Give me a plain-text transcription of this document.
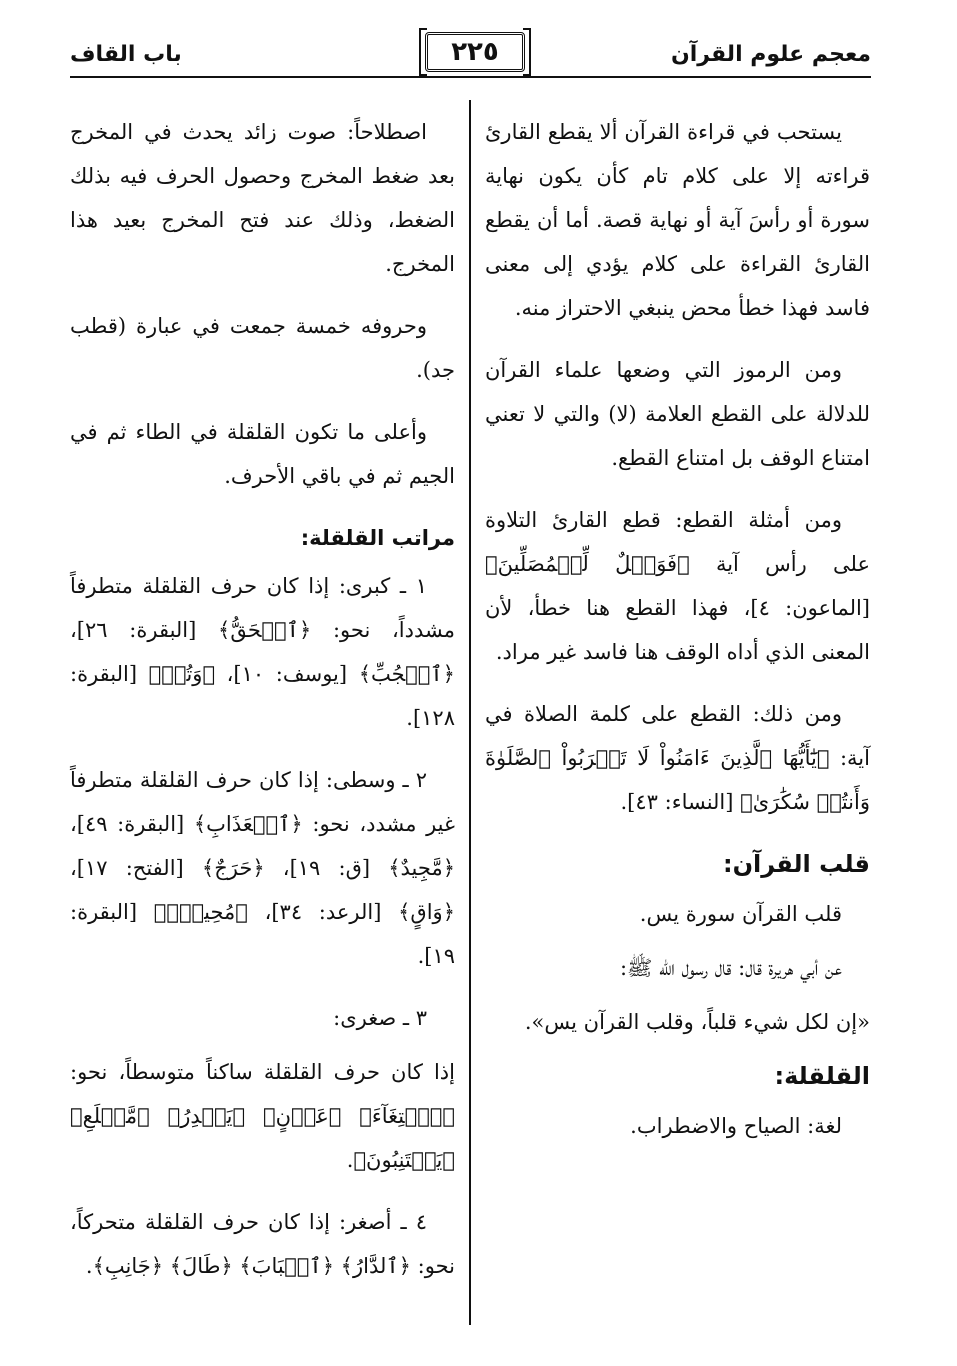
معجم علوم القرآن
٢٢٥
باب القاف

يستحب في قراءة القرآن ألا يقطع القارئ قراءته إلا على كلام تام كأن يكون نهاية سورة أو رأسَ آية أو نهاية قصة. أما أن يقطع القارئ القراءة على كلام يؤدي إلى معنى فاسد فهذا خطأ محض ينبغي الاحتراز منه.

ومن الرموز التي وضعها علماء القرآن للدلالة على القطع العلامة (لا) والتي لا تعني امتناع الوقف بل امتناع القطع.

ومن أمثلة القطع: قطع القارئ التلاوة على رأس آية ﴿فَوَيۡلٌ لِّلۡمُصَلِّينَ﴾ [الماعون: ٤]، فهذا القطع هنا خطأ، لأن المعنى الذي أداه الوقف هنا فاسد غير مراد.

ومن ذلك: القطع على كلمة الصلاة في آية: ﴿يَٰٓأَيُّهَا ٱلَّذِينَ ءَامَنُواْ لَا تَقۡرَبُواْ ٱلصَّلَوٰةَ وَأَنتُمۡ سُكَٰرَىٰ﴾ [النساء: ٤٣].

قلب القرآن:

قلب القرآن سورة يس.

عن أبي هريرة قال: قال رسول الله ﷺ:

«إن لكل شيء قلباً، وقلب القرآن يس».

القلقلة:

لغة: الصياح والاضطراب.

اصطلاحاً: صوت زائد يحدث في المخرج بعد ضغط المخرج وحصول الحرف فيه بذلك الضغط، وذلك عند فتح المخرج بعيد هذا المخرج.

وحروفه خمسة جمعت في عبارة (قطب جد).

وأعلى ما تكون القلقلة في الطاء ثم في الجيم ثم في باقي الأحرف.

مراتب القلقلة:

١ ـ كبرى: إذا كان حرف القلقلة متطرفاً مشدداً، نحو: ﴿ٱلۡحَقُّ﴾ [البقرة: ٢٦]، ﴿ٱلۡجُبِّ﴾ [يوسف: ١٠]، ﴿وَتُبۡ﴾ [البقرة: ١٢٨].

٢ ـ وسطى: إذا كان حرف القلقلة متطرفاً غير مشدد، نحو: ﴿ٱلۡعَذَابِ﴾ [البقرة: ٤٩]، ﴿مَّجِيدٌ﴾ [ق: ١٩]، ﴿حَرَجٌ﴾ [الفتح: ١٧]، ﴿وَاقٍ﴾ [الرعد: ٣٤]، ﴿مُحِيطُۢ﴾ [البقرة: ١٩].

٣ ـ صغرى:

إذا كان حرف القلقلة ساكناً متوسطاً، نحو: ﴿ٱبۡتِغَآءَ﴾ ﴿عَدۡنٍ﴾ ﴿يَقۡدِرُ﴾ ﴿مَّطۡلَعِ﴾ ﴿يَجۡتَنِبُونَ﴾.

٤ ـ أصغر: إذا كان حرف القلقلة متحركاً، نحو: ﴿ٱلدَّارُ﴾ ﴿ٱلۡبَابَ﴾ ﴿طَالَ﴾ ﴿جَانِبِ﴾.
